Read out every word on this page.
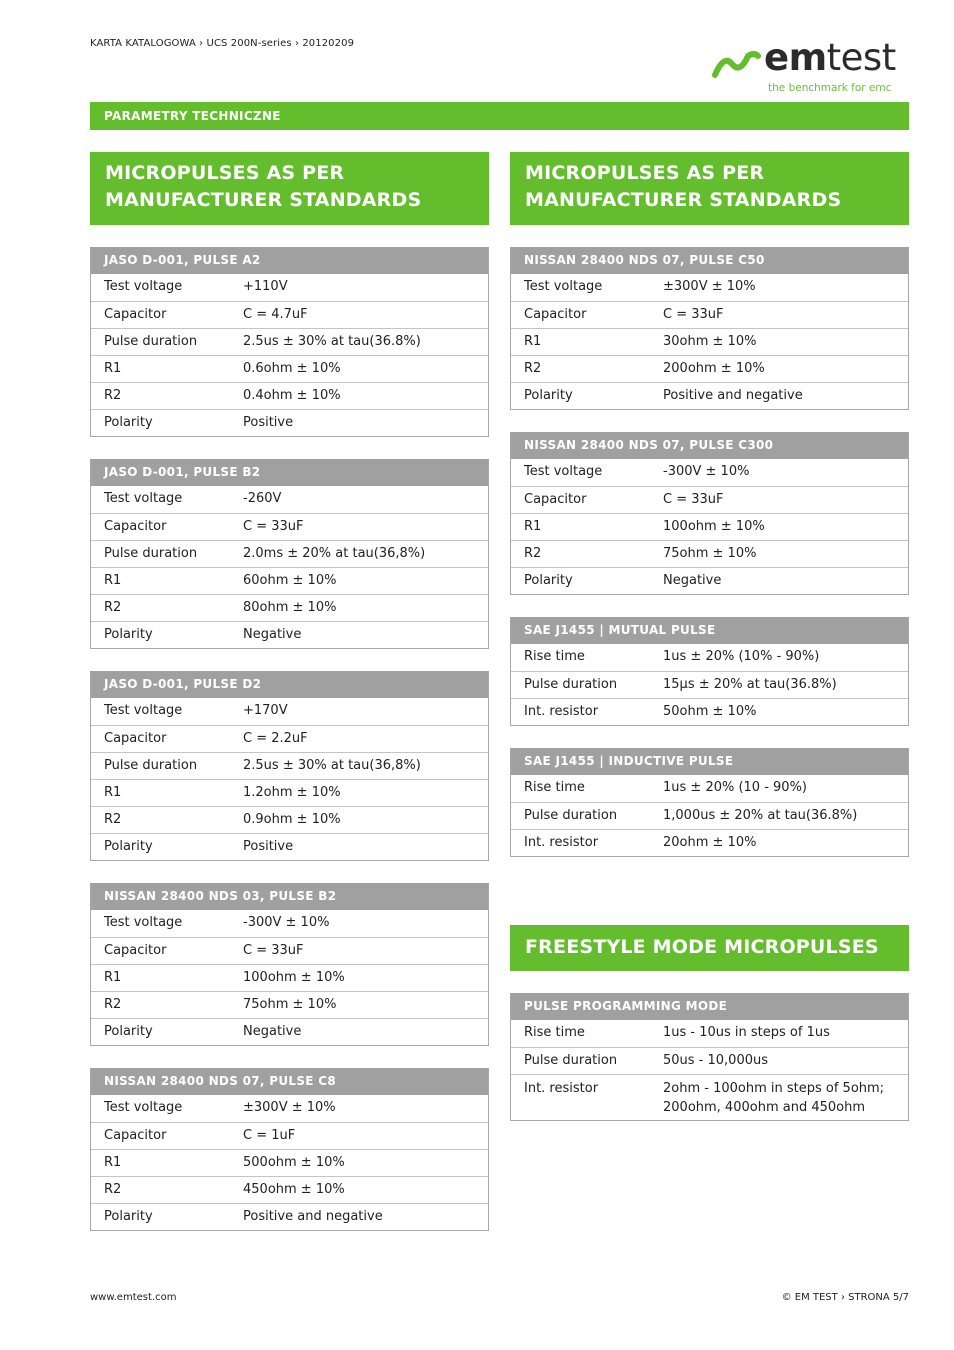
KARTA KATALOGOWA › UCS 200N-series › 20120209	emtest
the benchmark for emc
PARAMETRY TECHNICZNE
MICROPULSES AS PER MANUFACTURER STANDARDS
JASO D-001, PULSE A2
Test voltage	+110V
Capacitor	C = 4.7uF
Pulse duration	2.5us ± 30% at tau(36.8%)
R1	0.6ohm ± 10%
R2	0.4ohm ± 10%
Polarity	Positive
JASO D-001, PULSE B2
Test voltage	-260V
Capacitor	C = 33uF
Pulse duration	2.0ms ± 20% at tau(36,8%)
R1	60ohm ± 10%
R2	80ohm ± 10%
Polarity	Negative
JASO D-001, PULSE D2
Test voltage	+170V
Capacitor	C = 2.2uF
Pulse duration	2.5us ± 30% at tau(36,8%)
R1	1.2ohm ± 10%
R2	0.9ohm ± 10%
Polarity	Positive
NISSAN 28400 NDS 03, PULSE B2
Test voltage	-300V ± 10%
Capacitor	C = 33uF
R1	100ohm ± 10%
R2	75ohm ± 10%
Polarity	Negative
NISSAN 28400 NDS 07, PULSE C8
Test voltage	±300V ± 10%
Capacitor	C = 1uF
R1	500ohm ± 10%
R2	450ohm ± 10%
Polarity	Positive and negative
MICROPULSES AS PER MANUFACTURER STANDARDS
NISSAN 28400 NDS 07, PULSE C50
Test voltage	±300V ± 10%
Capacitor	C = 33uF
R1	30ohm ± 10%
R2	200ohm ± 10%
Polarity	Positive and negative
NISSAN 28400 NDS 07, PULSE C300
Test voltage	-300V ± 10%
Capacitor	C = 33uF
R1	100ohm ± 10%
R2	75ohm ± 10%
Polarity	Negative
SAE J1455 | MUTUAL PULSE
Rise time	1us ± 20% (10% - 90%)
Pulse duration	15µs ± 20% at tau(36.8%)
Int. resistor	50ohm ± 10%
SAE J1455 | INDUCTIVE PULSE
Rise time	1us ± 20% (10 - 90%)
Pulse duration	1,000us ± 20% at tau(36.8%)
Int. resistor	20ohm ± 10%
FREESTYLE MODE MICROPULSES
PULSE PROGRAMMING MODE
Rise time	1us - 10us in steps of 1us
Pulse duration	50us - 10,000us
Int. resistor	2ohm - 100ohm in steps of 5ohm;
200ohm, 400ohm and 450ohm
www.emtest.com	© EM TEST › STRONA 5/7
